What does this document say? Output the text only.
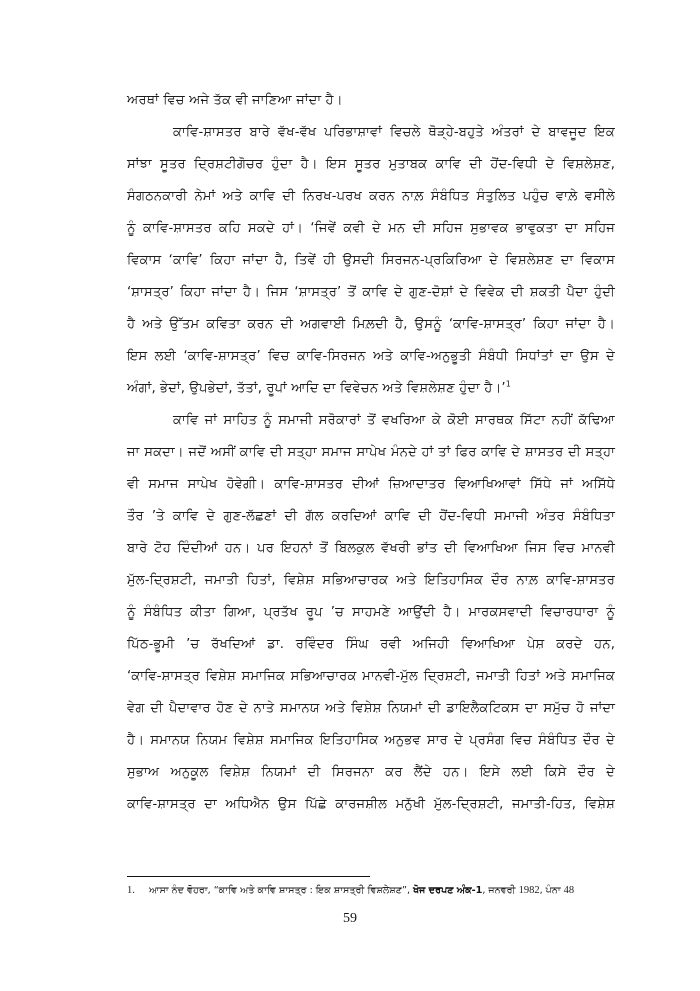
ਅਰਥਾਂ ਵਿਚ ਅਜੇ ਤੱਕ ਵੀ ਜਾਣਿਆ ਜਾਂਦਾ ਹੈ।
ਕਾਵਿ-ਸ਼ਾਸਤਰ ਬਾਰੇ ਵੱਖ-ਵੱਖ ਪਰਿਭਾਸ਼ਾਵਾਂ ਵਿਚਲੇ ਥੋੜ੍ਹੇ-ਬਹੁਤੇ ਅੰਤਰਾਂ ਦੇ ਬਾਵਜੂਦ ਇਕ
ਸਾਂਝਾ ਸੂਤਰ ਦ੍ਰਿਸ਼ਟੀਗੋਚਰ ਹੁੰਦਾ ਹੈ। ਇਸ ਸੂਤਰ ਮੁਤਾਬਕ ਕਾਵਿ ਦੀ ਹੋਂਦ-ਵਿਧੀ ਦੇ ਵਿਸ਼ਲੇਸ਼ਣ,
ਸੰਗਠਨਕਾਰੀ ਨੇਮਾਂ ਅਤੇ ਕਾਵਿ ਦੀ ਨਿਰਖ-ਪਰਖ ਕਰਨ ਨਾਲ਼ ਸੰਬੰਧਿਤ ਸੰਤੁਲਿਤ ਪਹੁੰਚ ਵਾਲ਼ੇ ਵਸੀਲੇ
ਨੂੰ ਕਾਵਿ-ਸ਼ਾਸਤਰ ਕਹਿ ਸਕਦੇ ਹਾਂ। ‘ਜਿਵੇਂ ਕਵੀ ਦੇ ਮਨ ਦੀ ਸਹਿਜ ਸੁਭਾਵਕ ਭਾਵੁਕਤਾ ਦਾ ਸਹਿਜ
ਵਿਕਾਸ ‘ਕਾਵਿ’ ਕਿਹਾ ਜਾਂਦਾ ਹੈ, ਤਿਵੇਂ ਹੀ ਉਸਦੀ ਸਿਰਜਨ-ਪ੍ਰਕਿਰਿਆ ਦੇ ਵਿਸ਼ਲੇਸ਼ਣ ਦਾ ਵਿਕਾਸ
‘ਸ਼ਾਸਤ੍ਰ’ ਕਿਹਾ ਜਾਂਦਾ ਹੈ। ਜਿਸ ‘ਸ਼ਾਸਤ੍ਰ’ ਤੋਂ ਕਾਵਿ ਦੇ ਗੁਣ-ਦੋਸ਼ਾਂ ਦੇ ਵਿਵੇਕ ਦੀ ਸ਼ਕਤੀ ਪੈਦਾ ਹੁੰਦੀ
ਹੈ ਅਤੇ ਉੱਤਮ ਕਵਿਤਾ ਕਰਨ ਦੀ ਅਗਵਾਈ ਮਿਲ਼ਦੀ ਹੈ, ਉਸਨੂੰ ‘ਕਾਵਿ-ਸ਼ਾਸਤ੍ਰ’ ਕਿਹਾ ਜਾਂਦਾ ਹੈ।
ਇਸ ਲਈ ‘ਕਾਵਿ-ਸ਼ਾਸਤ੍ਰ’ ਵਿਚ ਕਾਵਿ-ਸਿਰਜਨ ਅਤੇ ਕਾਵਿ-ਅਨੁਭੂਤੀ ਸੰਬੰਧੀ ਸਿਧਾਂਤਾਂ ਦਾ ਉਸ ਦੇ
ਅੰਗਾਂ, ਭੇਦਾਂ, ਉਪਭੇਦਾਂ, ਤੱਤਾਂ, ਰੂਪਾਂ ਆਦਿ ਦਾ ਵਿਵੇਚਨ ਅਤੇ ਵਿਸ਼ਲੇਸ਼ਣ ਹੁੰਦਾ ਹੈ।’$^1$
ਕਾਵਿ ਜਾਂ ਸਾਹਿਤ ਨੂੰ ਸਮਾਜੀ ਸਰੋਕਾਰਾਂ ਤੋਂ ਵਖਰਿਆ ਕੇ ਕੋਈ ਸਾਰਥਕ ਸਿੱਟਾ ਨਹੀਂ ਕੱਢਿਆ
ਜਾ ਸਕਦਾ। ਜਦੋਂ ਅਸੀਂ ਕਾਵਿ ਦੀ ਸਤ੍ਹਾ ਸਮਾਜ ਸਾਪੇਖ ਮੰਨਦੇ ਹਾਂ ਤਾਂ ਫਿਰ ਕਾਵਿ ਦੇ ਸ਼ਾਸਤਰ ਦੀ ਸਤ੍ਹਾ
ਵੀ ਸਮਾਜ ਸਾਪੇਖ ਹੋਵੇਗੀ। ਕਾਵਿ-ਸ਼ਾਸਤਰ ਦੀਆਂ ਜ਼ਿਆਦਾਤਰ ਵਿਆਖਿਆਵਾਂ ਸਿੱਧੇ ਜਾਂ ਅਸਿੱਧੇ
ਤੌਰ ’ਤੇ ਕਾਵਿ ਦੇ ਗੁਣ-ਲੱਛਣਾਂ ਦੀ ਗੱਲ ਕਰਦਿਆਂ ਕਾਵਿ ਦੀ ਹੋਂਦ-ਵਿਧੀ ਸਮਾਜੀ ਅੰਤਰ ਸੰਬੰਧਿਤਾ
ਬਾਰੇ ਟੋਹ ਦਿੰਦੀਆਂ ਹਨ। ਪਰ ਇਹਨਾਂ ਤੋਂ ਬਿਲਕੁਲ ਵੱਖਰੀ ਭਾਂਤ ਦੀ ਵਿਆਖਿਆ ਜਿਸ ਵਿਚ ਮਾਨਵੀ
ਮੁੱਲ-ਦ੍ਰਿਸ਼ਟੀ, ਜਮਾਤੀ ਹਿਤਾਂ, ਵਿਸ਼ੇਸ਼ ਸਭਿਆਚਾਰਕ ਅਤੇ ਇਤਿਹਾਸਿਕ ਦੌਰ ਨਾਲ਼ ਕਾਵਿ-ਸ਼ਾਸਤਰ
ਨੂੰ ਸੰਬੰਧਿਤ ਕੀਤਾ ਗਿਆ, ਪ੍ਰਤੱਖ ਰੂਪ ’ਚ ਸਾਹਮਣੇ ਆਉਂਦੀ ਹੈ। ਮਾਰਕਸਵਾਦੀ ਵਿਚਾਰਧਾਰਾ ਨੂੰ
ਪਿੱਠ-ਭੂਮੀ ’ਚ ਰੱਖਦਿਆਂ ਡਾ. ਰਵਿੰਦਰ ਸਿੰਘ ਰਵੀ ਅਜਿਹੀ ਵਿਆਖਿਆ ਪੇਸ਼ ਕਰਦੇ ਹਨ,
‘ਕਾਵਿ-ਸ਼ਾਸਤ੍ਰ ਵਿਸ਼ੇਸ਼ ਸਮਾਜਿਕ ਸਭਿਆਚਾਰਕ ਮਾਨਵੀ-ਮੁੱਲ ਦ੍ਰਿਸ਼ਟੀ, ਜਮਾਤੀ ਹਿਤਾਂ ਅਤੇ ਸਮਾਜਿਕ
ਵੇਗ ਦੀ ਪੈਦਾਵਾਰ ਹੋਣ ਦੇ ਨਾਤੇ ਸਮਾਨਯ ਅਤੇ ਵਿਸ਼ੇਸ਼ ਨਿਯਮਾਂ ਦੀ ਡਾਇਲੈਕਟਿਕਸ ਦਾ ਸਮੁੱਚ ਹੋ ਜਾਂਦਾ
ਹੈ। ਸਮਾਨਯ ਨਿਯਮ ਵਿਸ਼ੇਸ਼ ਸਮਾਜਿਕ ਇਤਿਹਾਸਿਕ ਅਨੁਭਵ ਸਾਰ ਦੇ ਪ੍ਰਸੰਗ ਵਿਚ ਸੰਬੰਧਿਤ ਦੌਰ ਦੇ
ਸੁਭਾਅ ਅਨੁਕੂਲ ਵਿਸ਼ੇਸ਼ ਨਿਯਮਾਂ ਦੀ ਸਿਰਜਨਾ ਕਰ ਲੈਂਦੇ ਹਨ। ਇਸੇ ਲਈ ਕਿਸੇ ਦੌਰ ਦੇ
ਕਾਵਿ-ਸ਼ਾਸਤ੍ਰ ਦਾ ਅਧਿਐਨ ਉਸ ਪਿੱਛੇ ਕਾਰਜਸ਼ੀਲ ਮਨੁੱਖੀ ਮੁੱਲ-ਦ੍ਰਿਸ਼ਟੀ, ਜਮਾਤੀ-ਹਿਤ, ਵਿਸ਼ੇਸ਼
1. ਆਸਾ ਨੰਦ ਵੋਹਰਾ, “ਕਾਵਿ ਅਤੇ ਕਾਵਿ ਸ਼ਾਸਤ੍ਰ : ਇਕ ਸ਼ਾਸਤ੍ਰੀ ਵਿਸ਼ਲੇਸ਼ਣ”, ਖੋਜ ਦਰਪਣ ਅੰਕ-1, ਜਨਵਰੀ 1982, ਪੰਨਾ 48
59
